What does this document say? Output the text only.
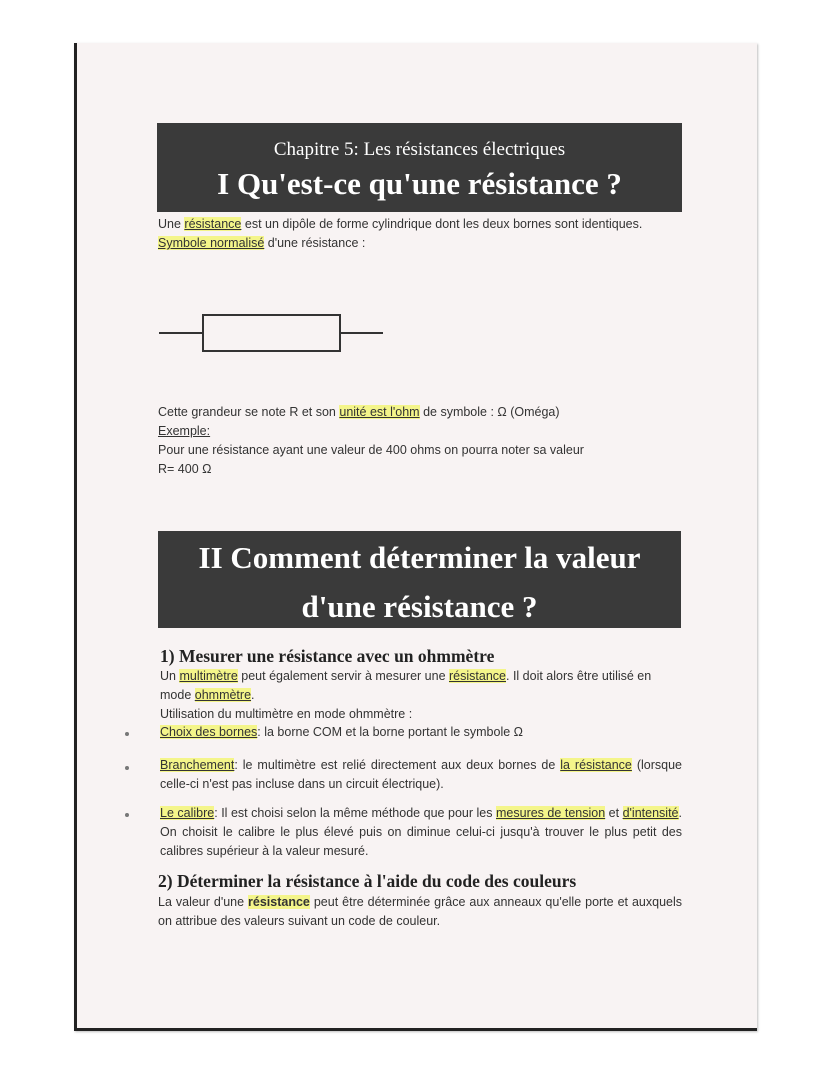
Chapitre 5: Les résistances électriques
I Qu'est-ce qu'une résistance ?
Une résistance est un dipôle de forme cylindrique dont les deux bornes sont identiques.
Symbole normalisé d'une résistance :
Cette grandeur se note R et son unité est l'ohm de symbole : Ω (Oméga)
Exemple:
Pour une résistance ayant une valeur de 400 ohms on pourra noter sa valeur
R= 400 Ω
II Comment déterminer la valeur
d'une résistance ?
1) Mesurer une résistance avec un ohmmètre
Un multimètre peut également servir à mesurer une résistance. Il doit alors être utilisé en mode ohmmètre.
Utilisation du multimètre en mode ohmmètre :
Choix des bornes: la borne COM et la borne portant le symbole Ω
Branchement: le multimètre est relié directement aux deux bornes de la résistance (lorsque celle-ci n'est pas incluse dans un circuit électrique).
Le calibre: Il est choisi selon la même méthode que pour les mesures de tension et d'intensité. On choisit le calibre le plus élevé puis on diminue celui-ci jusqu'à trouver le plus petit des calibres supérieur à la valeur mesuré.
2) Déterminer la résistance à l'aide du code des couleurs
La valeur d'une résistance peut être déterminée grâce aux anneaux qu'elle porte et auxquels on attribue des valeurs suivant un code de couleur.
